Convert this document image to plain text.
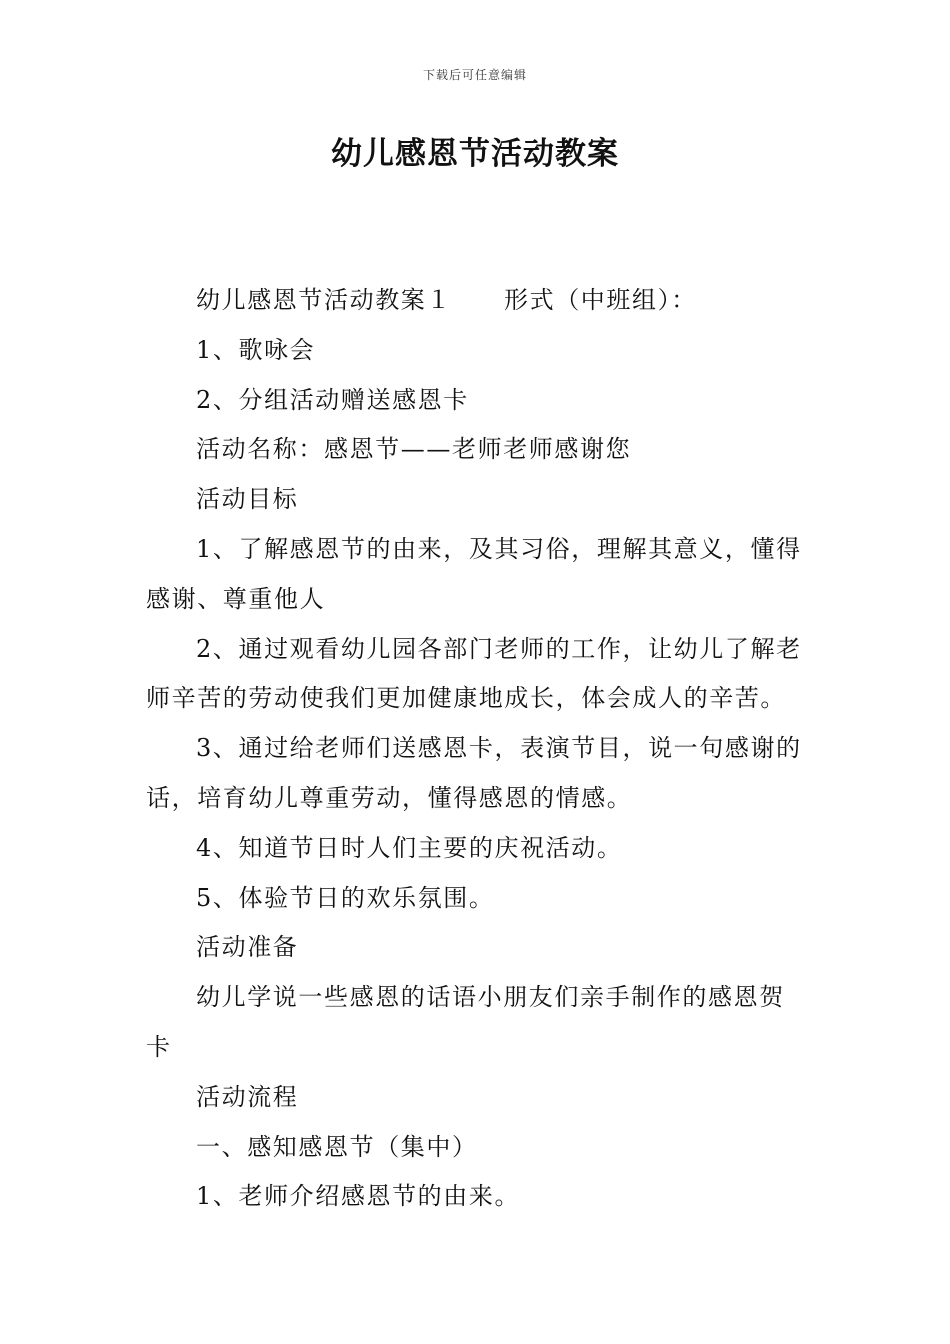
下载后可任意编辑
幼儿感恩节活动教案

幼儿感恩节活动教案１ 形式（中班组）：

1、歌咏会

2、分组活动赠送感恩卡

活动名称：感恩节——老师老师感谢您

活动目标

1、了解感恩节的由来，及其习俗，理解其意义，懂得感谢、尊重他人

2、通过观看幼儿园各部门老师的工作，让幼儿了解老师辛苦的劳动使我们更加健康地成长，体会成人的辛苦。

3、通过给老师们送感恩卡，表演节目，说一句感谢的话，培育幼儿尊重劳动，懂得感恩的情感。

4、知道节日时人们主要的庆祝活动。

5、体验节日的欢乐氛围。

活动准备

幼儿学说一些感恩的话语小朋友们亲手制作的感恩贺卡

活动流程

一、感知感恩节（集中）

1、老师介绍感恩节的由来。
